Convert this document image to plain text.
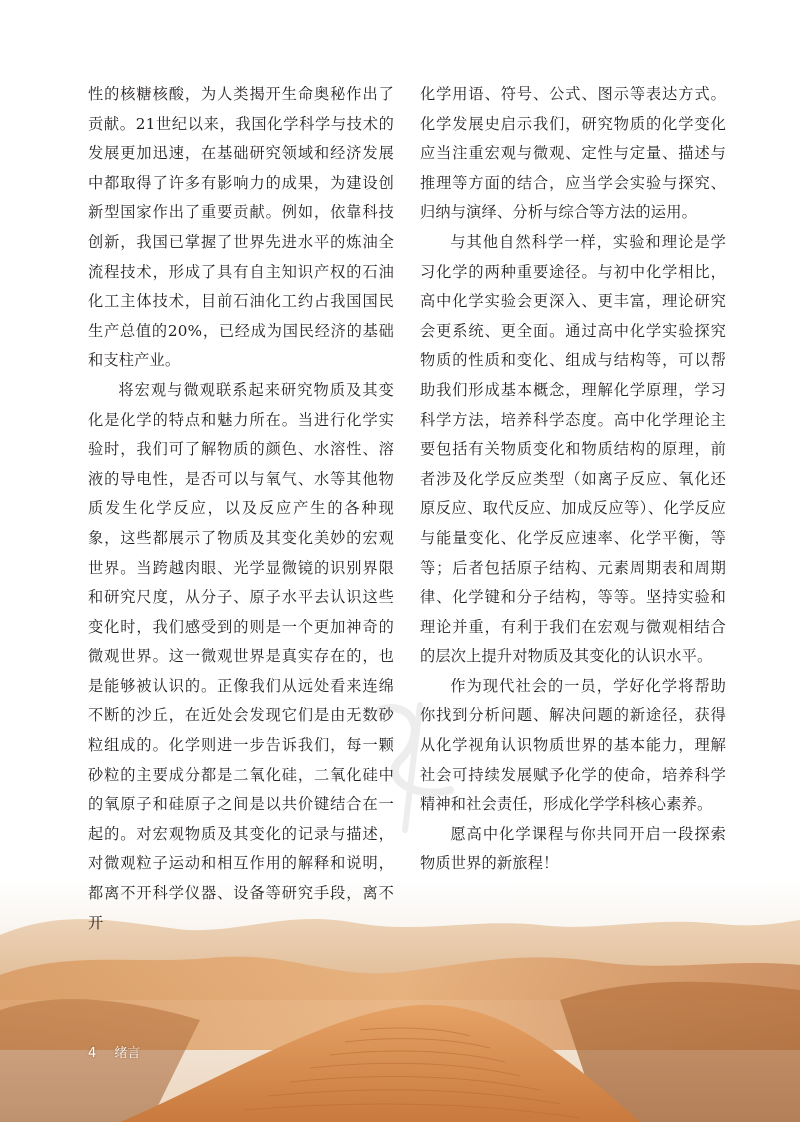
性的核糖核酸，为人类揭开生命奥秘作出了贡献。21世纪以来，我国化学科学与技术的发展更加迅速，在基础研究领域和经济发展中都取得了许多有影响力的成果，为建设创新型国家作出了重要贡献。例如，依靠科技创新，我国已掌握了世界先进水平的炼油全流程技术，形成了具有自主知识产权的石油化工主体技术，目前石油化工约占我国国民生产总值的20%，已经成为国民经济的基础和支柱产业。

将宏观与微观联系起来研究物质及其变化是化学的特点和魅力所在。当进行化学实验时，我们可了解物质的颜色、水溶性、溶液的导电性，是否可以与氧气、水等其他物质发生化学反应，以及反应产生的各种现象，这些都展示了物质及其变化美妙的宏观世界。当跨越肉眼、光学显微镜的识别界限和研究尺度，从分子、原子水平去认识这些变化时，我们感受到的则是一个更加神奇的微观世界。这一微观世界是真实存在的，也是能够被认识的。正像我们从远处看来连绵不断的沙丘，在近处会发现它们是由无数砂粒组成的。化学则进一步告诉我们，每一颗砂粒的主要成分都是二氧化硅，二氧化硅中的氧原子和硅原子之间是以共价键结合在一起的。对宏观物质及其变化的记录与描述，对微观粒子运动和相互作用的解释和说明，都离不开科学仪器、设备等研究手段，离不开

化学用语、符号、公式、图示等表达方式。化学发展史启示我们，研究物质的化学变化应当注重宏观与微观、定性与定量、描述与推理等方面的结合，应当学会实验与探究、归纳与演绎、分析与综合等方法的运用。

与其他自然科学一样，实验和理论是学习化学的两种重要途径。与初中化学相比，高中化学实验会更深入、更丰富，理论研究会更系统、更全面。通过高中化学实验探究物质的性质和变化、组成与结构等，可以帮助我们形成基本概念，理解化学原理，学习科学方法，培养科学态度。高中化学理论主要包括有关物质变化和物质结构的原理，前者涉及化学反应类型（如离子反应、氧化还原反应、取代反应、加成反应等）、化学反应与能量变化、化学反应速率、化学平衡，等等；后者包括原子结构、元素周期表和周期律、化学键和分子结构，等等。坚持实验和理论并重，有利于我们在宏观与微观相结合的层次上提升对物质及其变化的认识水平。

作为现代社会的一员，学好化学将帮助你找到分析问题、解决问题的新途径，获得从化学视角认识物质世界的基本能力，理解社会可持续发展赋予化学的使命，培养科学精神和社会责任，形成化学学科核心素养。

愿高中化学课程与你共同开启一段探索物质世界的新旅程！

4 绪言
